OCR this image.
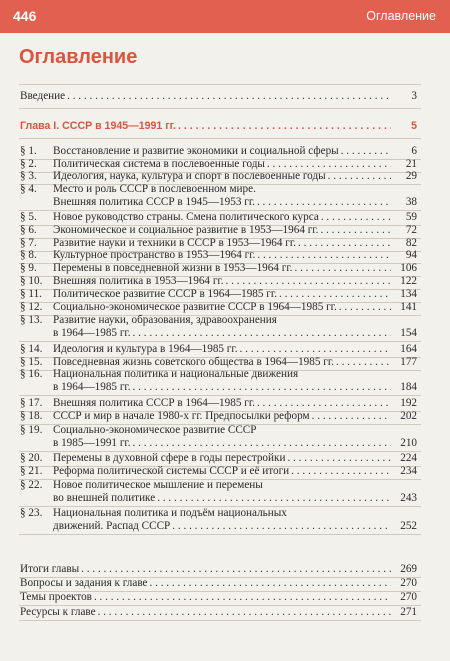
446	Оглавление
Оглавление
Введение . . .	3
Глава I. СССР в 1945—1991 гг. . . .	5
§ 1.	Восстановление и развитие экономики и социальной сферы . . .	6
§ 2.	Политическая система в послевоенные годы . . .	21
§ 3.	Идеология, наука, культура и спорт в послевоенные годы . . .	29
§ 4.	Место и роль СССР в послевоенном мире.
Внешняя политика СССР в 1945—1953 гг. . . .	38
§ 5.	Новое руководство страны. Смена политического курса . . .	59
§ 6.	Экономическое и социальное развитие в 1953—1964 гг. . . .	72
§ 7.	Развитие науки и техники в СССР в 1953—1964 гг. . . .	82
§ 8.	Культурное пространство в 1953—1964 гг. . . .	94
§ 9.	Перемены в повседневной жизни в 1953—1964 гг. . . .	106
§ 10. Внешняя политика в 1953—1964 гг. . . .	122
§ 11. Политическое развитие СССР в 1964—1985 гг. . . .	134
§ 12. Социально-экономическое развитие СССР в 1964—1985 гг. . . .	141
§ 13. Развитие науки, образования, здравоохранения
в 1964—1985 гг. . . .	154
§ 14. Идеология и культура в 1964—1985 гг. . . .	164
§ 15. Повседневная жизнь советского общества в 1964—1985 гг. . . .	177
§ 16. Национальная политика и национальные движения
в 1964—1985 гг. . . .	184
§ 17. Внешняя политика СССР в 1964—1985 гг. . . .	192
§ 18. СССР и мир в начале 1980-х гг. Предпосылки реформ . . .	202
§ 19. Социально-экономическое развитие СССР
в 1985—1991 гг. . . .	210
§ 20. Перемены в духовной сфере в годы перестройки . . .	224
§ 21. Реформа политической системы СССР и её итоги . . .	234
§ 22. Новое политическое мышление и перемены
во внешней политике . . .	243
§ 23. Национальная политика и подъём национальных
движений. Распад СССР . . .	252
Итоги главы . . .	269
Вопросы и задания к главе . . .	270
Темы проектов . . .	270
Ресурсы к главе . . .	271
